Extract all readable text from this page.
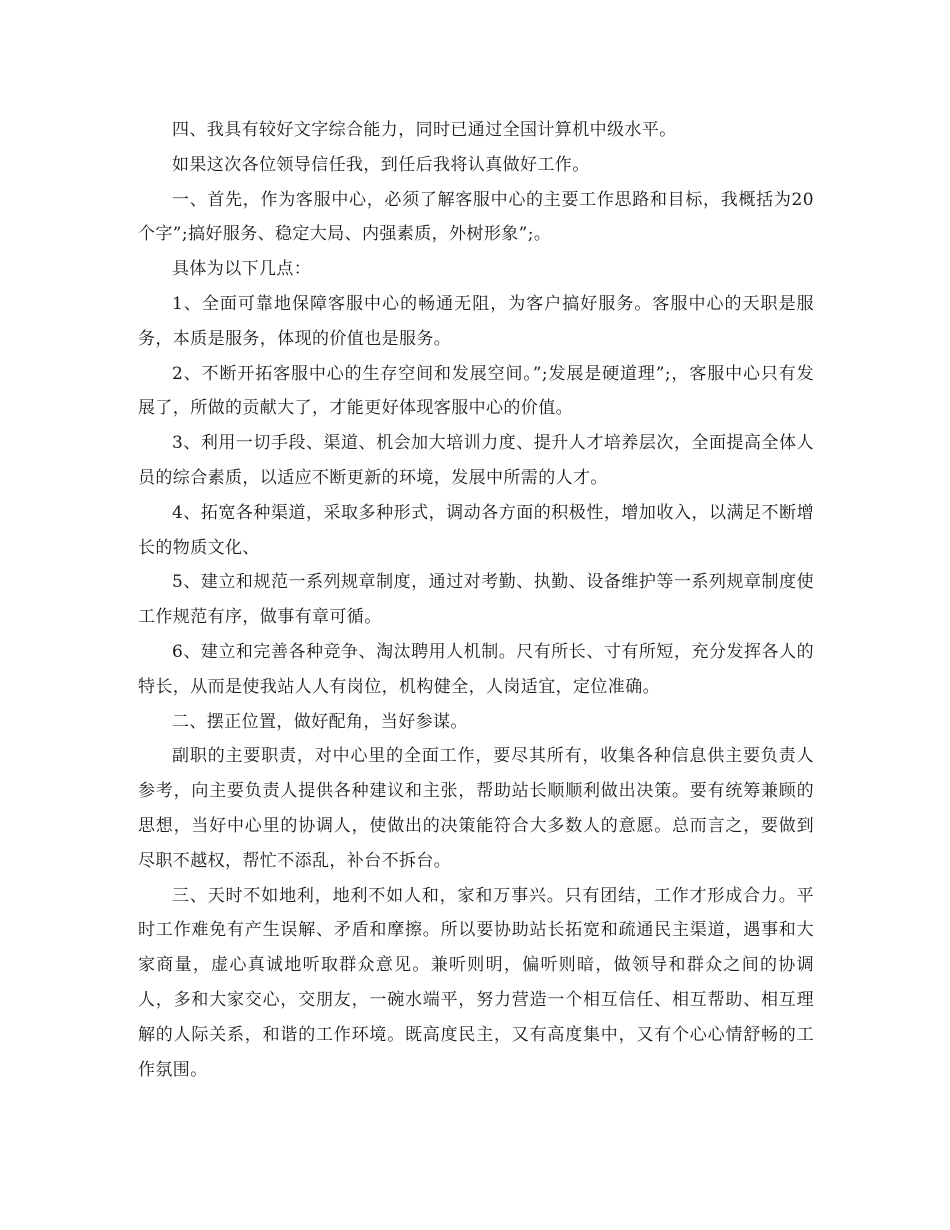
四、我具有较好文字综合能力，同时已通过全国计算机中级水平。

如果这次各位领导信任我，到任后我将认真做好工作。

一、首先，作为客服中心，必须了解客服中心的主要工作思路和目标，我概括为20个字”;搞好服务、稳定大局、内强素质，外树形象”;。

具体为以下几点：

1、全面可靠地保障客服中心的畅通无阻，为客户搞好服务。客服中心的天职是服务，本质是服务，体现的价值也是服务。

2、不断开拓客服中心的生存空间和发展空间。”;发展是硬道理”;，客服中心只有发展了，所做的贡献大了，才能更好体现客服中心的价值。

3、利用一切手段、渠道、机会加大培训力度、提升人才培养层次，全面提高全体人员的综合素质，以适应不断更新的环境，发展中所需的人才。

4、拓宽各种渠道，采取多种形式，调动各方面的积极性，增加收入，以满足不断增长的物质文化、

5、建立和规范一系列规章制度，通过对考勤、执勤、设备维护等一系列规章制度使工作规范有序，做事有章可循。

6、建立和完善各种竞争、淘汰聘用人机制。尺有所长、寸有所短，充分发挥各人的特长，从而是使我站人人有岗位，机构健全，人岗适宜，定位准确。

二、摆正位置，做好配角，当好参谋。

副职的主要职责，对中心里的全面工作，要尽其所有，收集各种信息供主要负责人参考，向主要负责人提供各种建议和主张，帮助站长顺顺利做出决策。要有统筹兼顾的思想，当好中心里的协调人，使做出的决策能符合大多数人的意愿。总而言之，要做到尽职不越权，帮忙不添乱，补台不拆台。

三、天时不如地利，地利不如人和，家和万事兴。只有团结，工作才形成合力。平时工作难免有产生误解、矛盾和摩擦。所以要协助站长拓宽和疏通民主渠道，遇事和大家商量，虚心真诚地听取群众意见。兼听则明，偏听则暗，做领导和群众之间的协调人，多和大家交心，交朋友，一碗水端平，努力营造一个相互信任、相互帮助、相互理解的人际关系，和谐的工作环境。既高度民主，又有高度集中，又有个心心情舒畅的工作氛围。
